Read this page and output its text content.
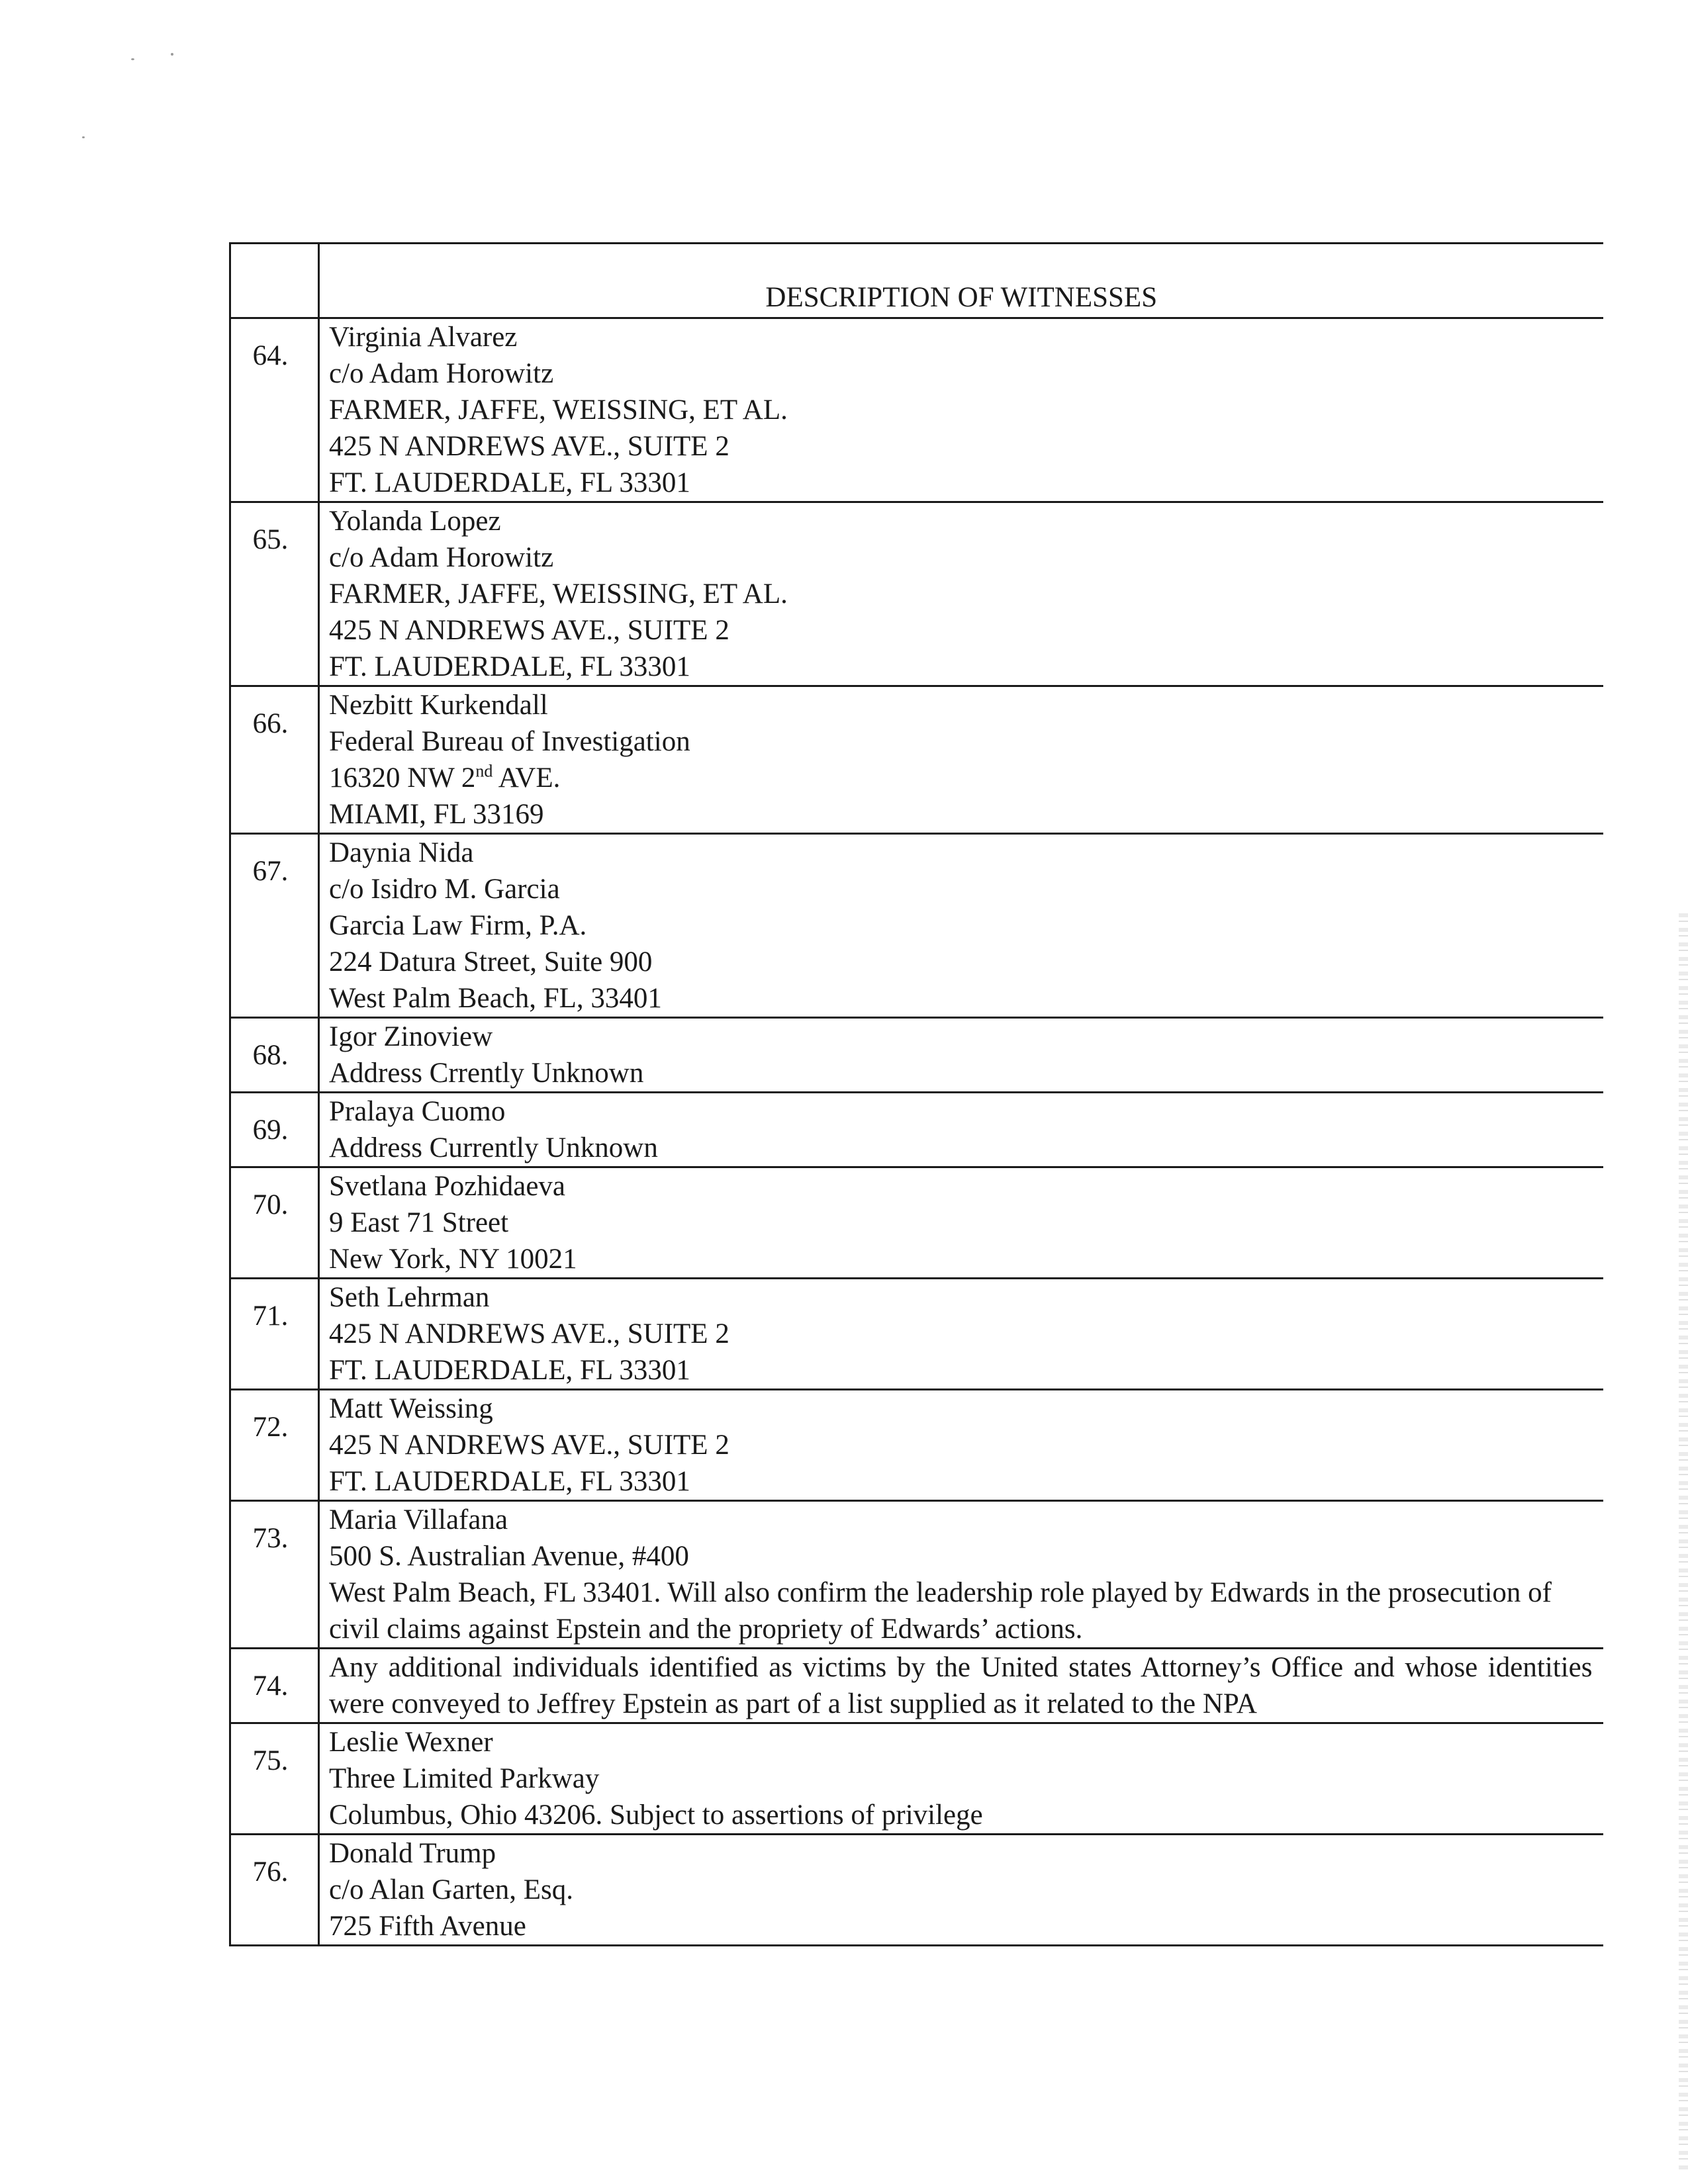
	DESCRIPTION OF WITNESSES
64.	Virginia Alvarez
c/o Adam Horowitz
FARMER, JAFFE, WEISSING, ET AL.
425 N ANDREWS AVE., SUITE 2
FT. LAUDERDALE, FL 33301

65.	Yolanda Lopez
c/o Adam Horowitz
FARMER, JAFFE, WEISSING, ET AL.
425 N ANDREWS AVE., SUITE 2
FT. LAUDERDALE, FL 33301

66.	Nezbitt Kurkendall
Federal Bureau of Investigation
16320 NW 2nd AVE.
MIAMI, FL 33169

67.	Daynia Nida
c/o Isidro M. Garcia
Garcia Law Firm, P.A.
224 Datura Street, Suite 900
West Palm Beach, FL, 33401

68.	Igor Zinoview
Address Crrently Unknown

69.	Pralaya Cuomo
Address Currently Unknown

70.	Svetlana Pozhidaeva
9 East 71 Street
New York, NY 10021

71.	Seth Lehrman
425 N ANDREWS AVE., SUITE 2
FT. LAUDERDALE, FL 33301

72.	Matt Weissing
425 N ANDREWS AVE., SUITE 2
FT. LAUDERDALE, FL 33301

73.	Maria Villafana
500 S. Australian Avenue, #400
West Palm Beach, FL 33401. Will also confirm the leadership role played by Edwards in the prosecution of civil claims against Epstein and the propriety of Edwards’ actions.

74.	Any additional individuals identified as victims by the United states Attorney’s Office and whose identities were conveyed to Jeffrey Epstein as part of a list supplied as it related to the NPA

75.	Leslie Wexner
Three Limited Parkway
Columbus, Ohio 43206. Subject to assertions of privilege

76.	Donald Trump
c/o Alan Garten, Esq.
725 Fifth Avenue
